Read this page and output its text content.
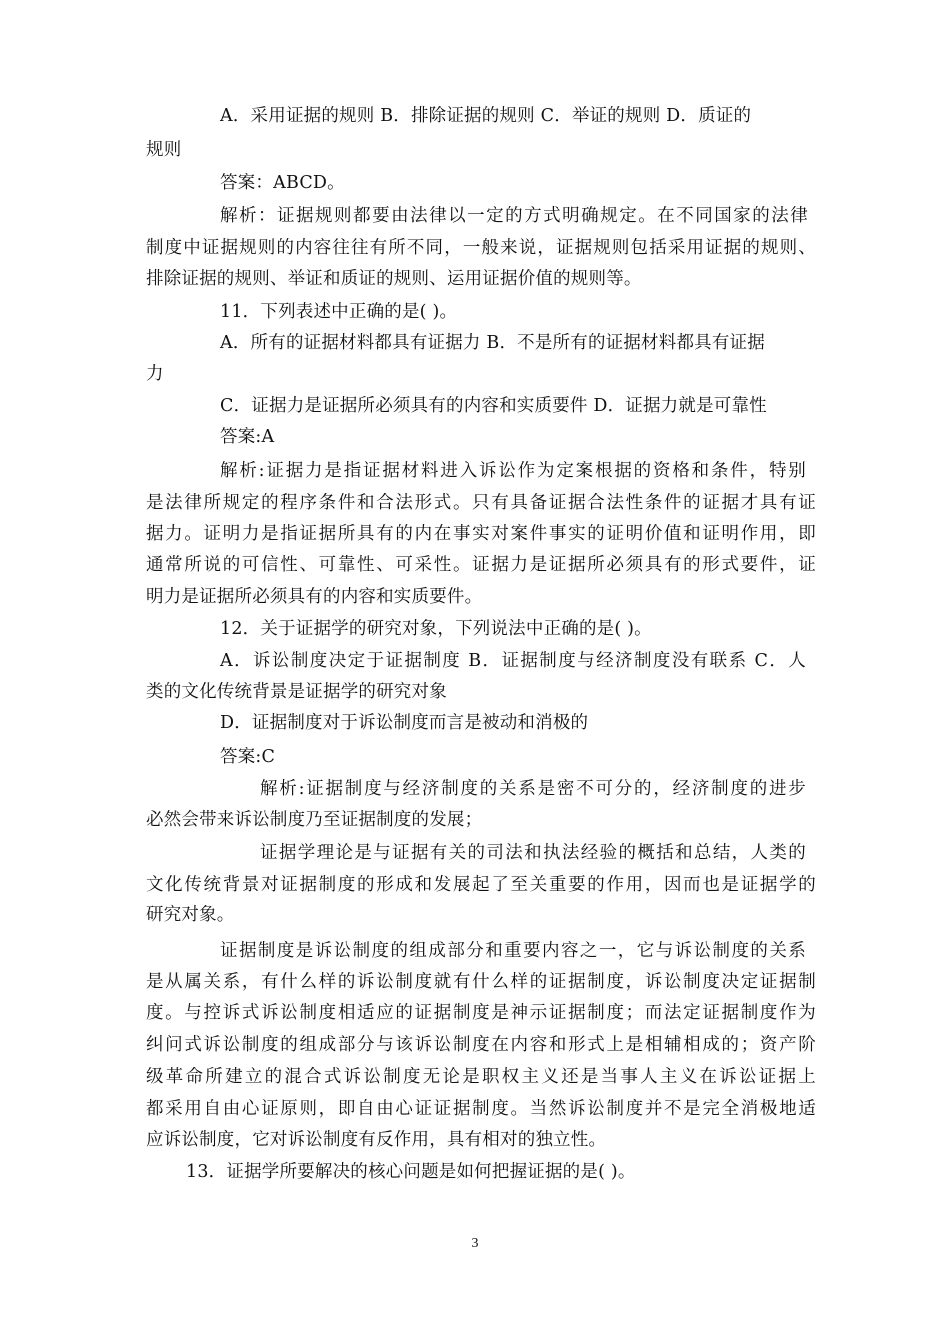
A．采用证据的规则 B．排除证据的规则 C．举证的规则 D．质证的
规则
答案：ABCD。
解析：证据规则都要由法律以一定的方式明确规定。在不同国家的法律
制度中证据规则的内容往往有所不同，一般来说，证据规则包括采用证据的规则、
排除证据的规则、举证和质证的规则、运用证据价值的规则等。
11．下列表述中正确的是( )。
A．所有的证据材料都具有证据力 B．不是所有的证据材料都具有证据
力
C．证据力是证据所必须具有的内容和实质要件 D．证据力就是可靠性
答案:A
解析:证据力是指证据材料进入诉讼作为定案根据的资格和条件，特别
是法律所规定的程序条件和合法形式。只有具备证据合法性条件的证据才具有证
据力。证明力是指证据所具有的内在事实对案件事实的证明价值和证明作用，即
通常所说的可信性、可靠性、可采性。证据力是证据所必须具有的形式要件，证
明力是证据所必须具有的内容和实质要件。
12．关于证据学的研究对象，下列说法中正确的是( )。
A．诉讼制度决定于证据制度 B．证据制度与经济制度没有联系 C．人
类的文化传统背景是证据学的研究对象
D．证据制度对于诉讼制度而言是被动和消极的
答案:C
解析:证据制度与经济制度的关系是密不可分的，经济制度的进步
必然会带来诉讼制度乃至证据制度的发展；
证据学理论是与证据有关的司法和执法经验的概括和总结，人类的
文化传统背景对证据制度的形成和发展起了至关重要的作用，因而也是证据学的
研究对象。
证据制度是诉讼制度的组成部分和重要内容之一，它与诉讼制度的关系
是从属关系，有什么样的诉讼制度就有什么样的证据制度，诉讼制度决定证据制
度。与控诉式诉讼制度相适应的证据制度是神示证据制度；而法定证据制度作为
纠问式诉讼制度的组成部分与该诉讼制度在内容和形式上是相辅相成的；资产阶
级革命所建立的混合式诉讼制度无论是职权主义还是当事人主义在诉讼证据上
都采用自由心证原则，即自由心证证据制度。当然诉讼制度并不是完全消极地适
应诉讼制度，它对诉讼制度有反作用，具有相对的独立性。
13．证据学所要解决的核心问题是如何把握证据的是( )。
3
